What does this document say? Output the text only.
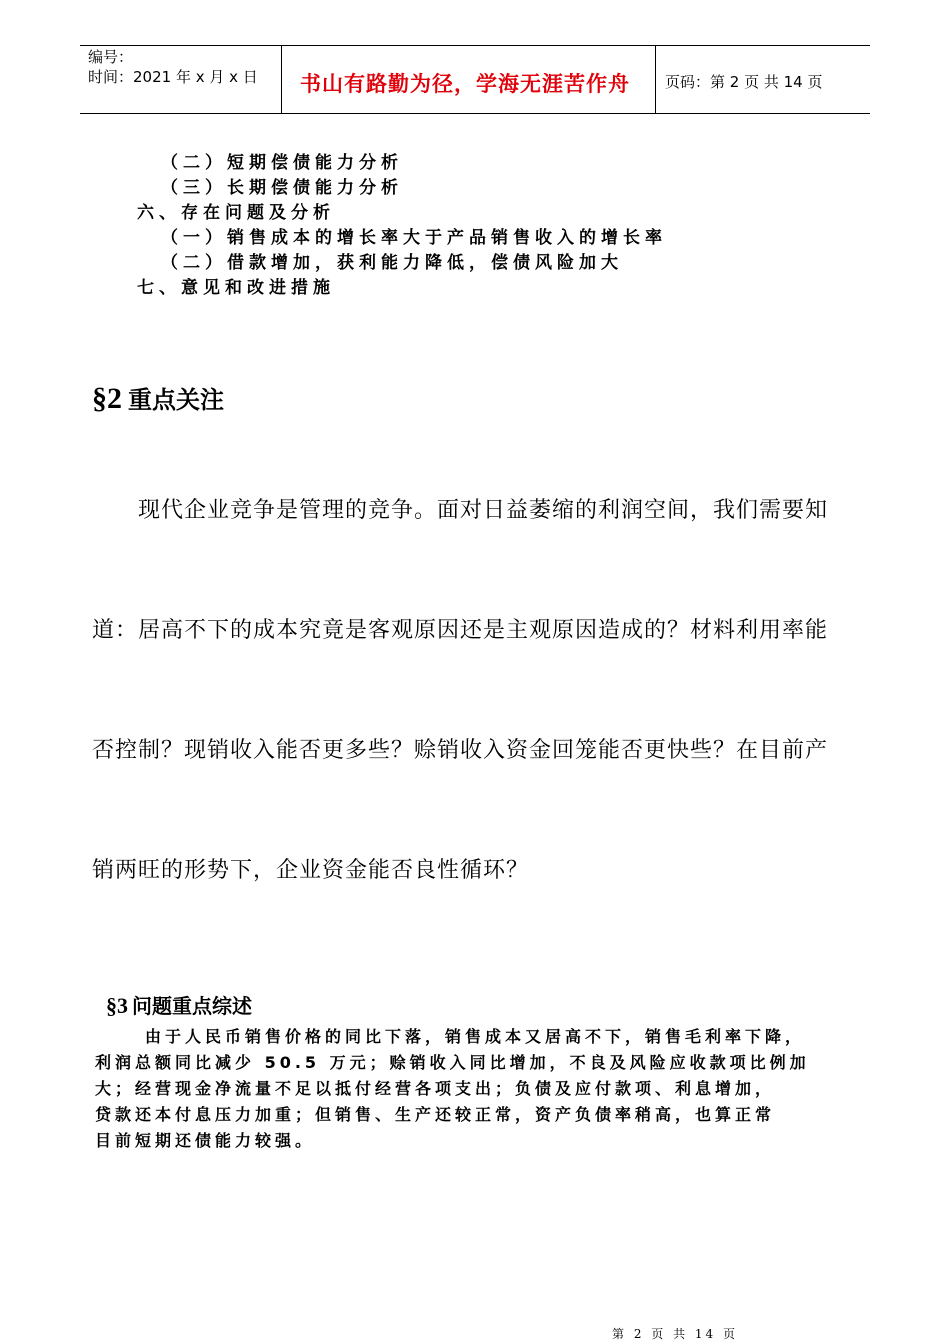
编号：
时间：2021 年 x 月 x 日 书山有路勤为径，学海无涯苦作舟 页码：第 2 页 共 14 页
（二）短期偿债能力分析
（三）长期偿债能力分析
六、存在问题及分析
（一）销售成本的增长率大于产品销售收入的增长率
（二）借款增加，获利能力降低，偿债风险加大
七、意见和改进措施
§2 重点关注
现代企业竞争是管理的竞争。面对日益萎缩的利润空间，我们需要知
道：居高不下的成本究竟是客观原因还是主观原因造成的？材料利用率能
否控制？现销收入能否更多些？赊销收入资金回笼能否更快些？在目前产
销两旺的形势下，企业资金能否良性循环？
§3 问题重点综述
由于人民币销售价格的同比下落，销售成本又居高不下，销售毛利率下降，
利润总额同比减少 50.5 万元；赊销收入同比增加，不良及风险应收款项比例加
大；经营现金净流量不足以抵付经营各项支出；负债及应付款项、利息增加，
贷款还本付息压力加重；但销售、生产还较正常，资产负债率稍高，也算正常
目前短期还债能力较强。
第 2 页 共 14 页
